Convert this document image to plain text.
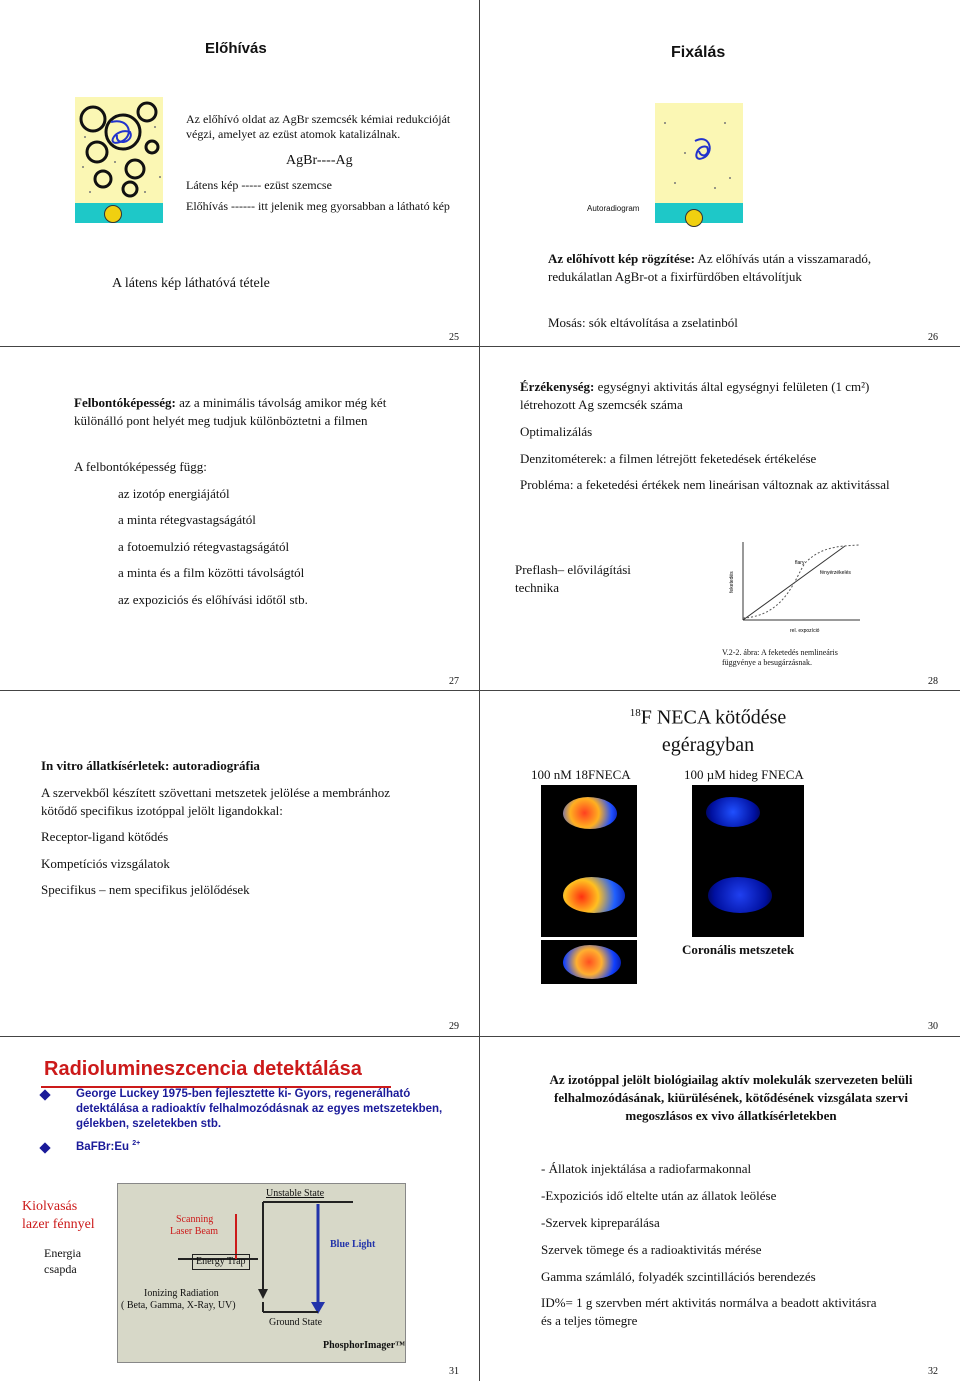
Előhívás
Az előhívó oldat az AgBr szemcsék kémiai redukcióját
végzi, amelyet az ezüst atomok katalizálnak.
AgBr----Ag
Látens kép ----- ezüst szemcse
Előhívás ------ itt jelenik meg gyorsabban a látható kép
A látens kép láthatóvá tétele
25
Fixálás
Autoradiogram
Az előhívott kép rögzítése: Az előhívás után a visszamaradó, redukálatlan AgBr-ot a fixirfürdőben eltávolítjuk
Mosás: sók eltávolítása a zselatinból
26
Felbontóképesség: az a minimális távolság amikor még két különálló pont helyét meg tudjuk különböztetni a filmen
A felbontóképesség függ:
az izotóp energiájától
a minta rétegvastagságától
a fotoemulzió rétegvastagságától
a minta és a film közötti távolságtól
az expoziciós és előhívási időtől stb.
27
Érzékenység: egységnyi aktivitás által egységnyi felületen (1 cm²) létrehozott Ag szemcsék száma
Optimalizálás
Denzitométerek: a filmen létrejött feketedések értékelése
Probléma: a feketedési értékek nem lineárisan változnak az aktivitással
Preflash– elővilágítási
technika
flary
fényérzékelés
rel. expozíció
feketedés
V.2-2. ábra: A feketedés nemlineáris
függvénye a besugárzásnak.
28
In vitro állatkísérletek: autoradiográfia
A szervekből készített szövettani metszetek jelölése a membránhoz kötődő specifikus izotóppal jelölt ligandokkal:
Receptor-ligand kötődés
Kompetíciós vizsgálatok
Specifikus – nem specifikus jelölődések
29
$^{18}$F NECA kötődése
egéragyban
100 nM 18FNECA	100 µM hideg FNECA
Coronális metszetek
30
Radiolumineszcencia detektálása
George Luckey 1975-ben fejlesztette ki- Gyors, regenerálható detektálása a radioaktív felhalmozódásnak az egyes metszetekben, gélekben, szeletekben stb.
BaFBr:Eu $^{2+}$
Kiolvasás
lazer fénnyel
Energia
csapda
Unstable State
Scanning
Laser Beam
Energy Trap
Blue Light
Ionizing Radiation
( Beta, Gamma, X-Ray, UV)
Ground State
PhosphorImager™
31
Az izotóppal jelölt biológiailag aktív molekulák szervezeten belüli felhalmozódásának, kiürülésének, kötődésének vizsgálata szervi megoszlásos ex vivo állatkísérletekben
- Állatok injektálása a radiofarmakonnal
-Expoziciós idő eltelte után az állatok leölése
-Szervek kipreparálása
Szervek tömege és a radioaktivitás mérése
Gamma számláló, folyadék szcintillációs berendezés
ID%= 1 g szervben mért aktivitás normálva a beadott aktivitásra és a teljes tömegre
32
